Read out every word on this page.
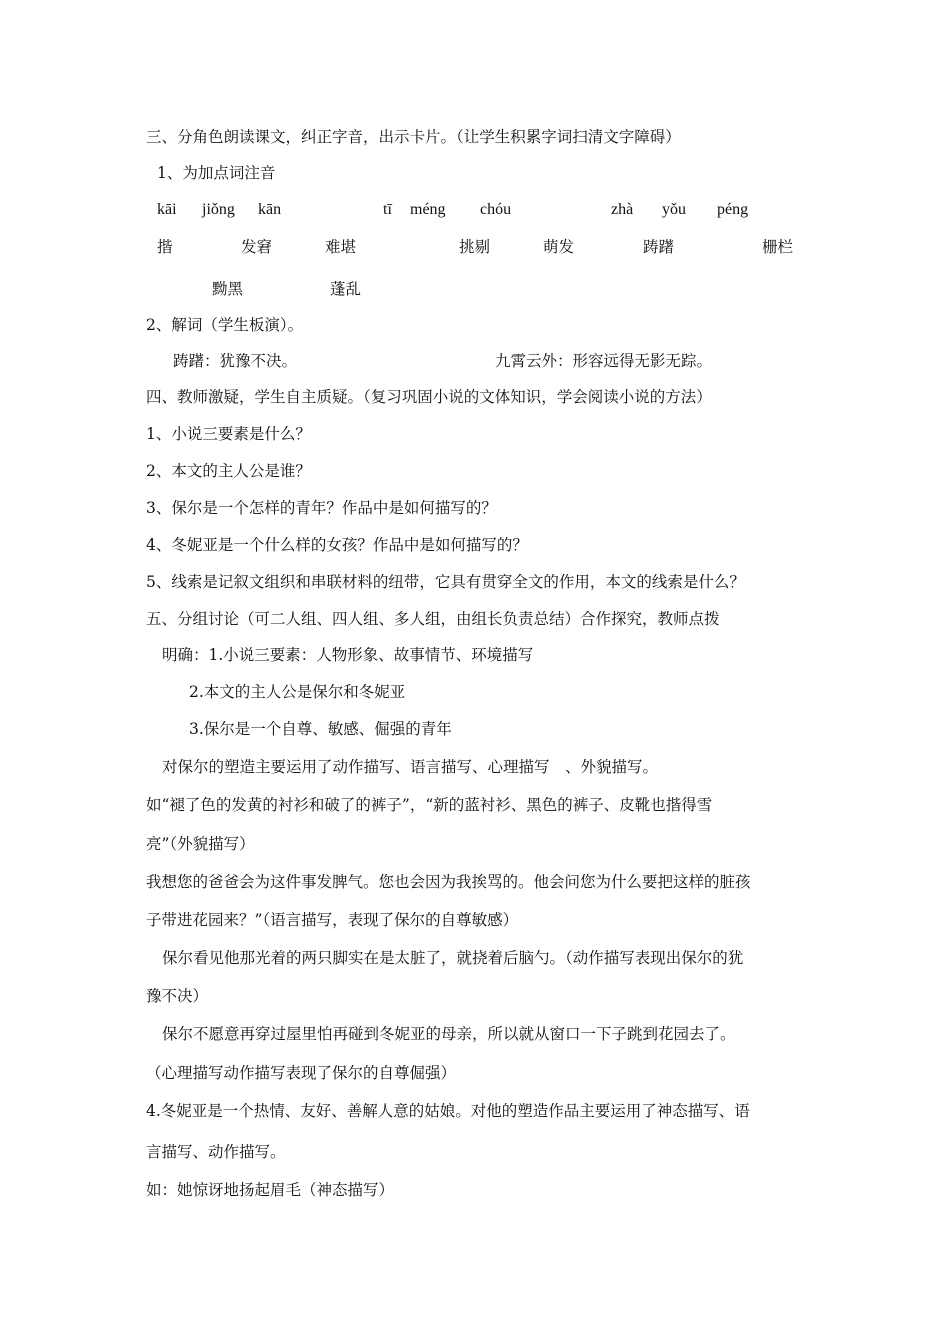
三、分角色朗读课文，纠正字音，出示卡片。（让学生积累字词扫清文字障碍）
1、为加点词注音
kāi jiǒng kān	tī méng chóu	zhà yǒu péng
揩	发窘	难堪	挑剔	萌发	踌躇	栅栏
黝黑	蓬乱
2、解词（学生板演）。
踌躇：犹豫不决。	九霄云外：形容远得无影无踪。
四、教师激疑，学生自主质疑。（复习巩固小说的文体知识，学会阅读小说的方法）
1、小说三要素是什么？
2、本文的主人公是谁？
3、保尔是一个怎样的青年？作品中是如何描写的？
4、冬妮亚是一个什么样的女孩？作品中是如何描写的？
5、线索是记叙文组织和串联材料的纽带，它具有贯穿全文的作用，本文的线索是什么？
五、分组讨论（可二人组、四人组、多人组，由组长负责总结）合作探究，教师点拨
明确：1.小说三要素：人物形象、故事情节、环境描写
2.本文的主人公是保尔和冬妮亚
3.保尔是一个自尊、敏感、倔强的青年
对保尔的塑造主要运用了动作描写、语言描写、心理描写　、外貌描写。
如“褪了色的发黄的衬衫和破了的裤子”，“新的蓝衬衫、黑色的裤子、皮靴也揩得雪
亮”（外貌描写）
我想您的爸爸会为这件事发脾气。您也会因为我挨骂的。他会问您为什么要把这样的脏孩
子带进花园来？”（语言描写，表现了保尔的自尊敏感）
保尔看见他那光着的两只脚实在是太脏了，就挠着后脑勺。（动作描写表现出保尔的犹
豫不决）
保尔不愿意再穿过屋里怕再碰到冬妮亚的母亲，所以就从窗口一下子跳到花园去了。
（心理描写动作描写表现了保尔的自尊倔强）
4.冬妮亚是一个热情、友好、善解人意的姑娘。对他的塑造作品主要运用了神态描写、语
言描写、动作描写。
如：她惊讶地扬起眉毛（神态描写）
